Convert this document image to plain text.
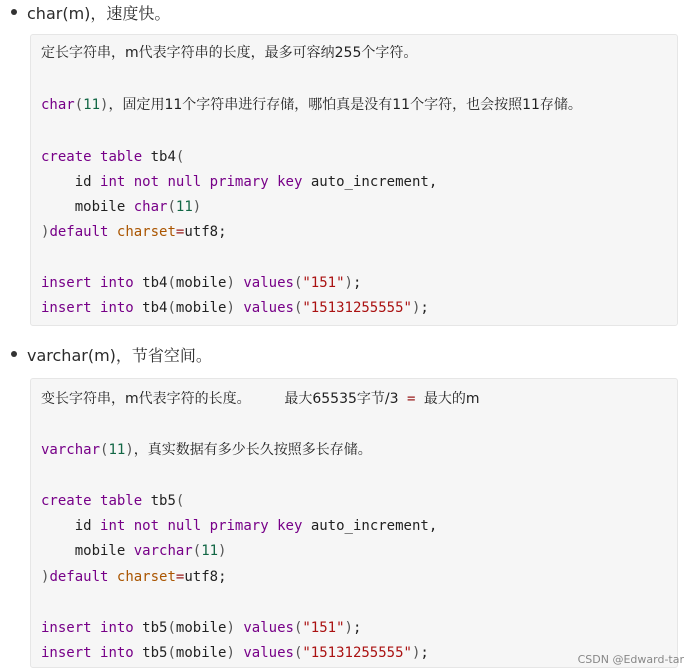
char(m)，速度快。
定长字符串，m代表字符串的长度，最多可容纳255个字符。
char(11)，固定用11个字符串进行存储，哪怕真是没有11个字符，也会按照11存储。
create table tb4(
id int not null primary key auto_increment,
mobile char(11)
)default charset=utf8;
insert into tb4(mobile) values("151");
insert into tb4(mobile) values("15131255555");
varchar(m)，节省空间。
变长字符串，m代表字符的长度。 最大65535字节/3 = 最大的m
varchar(11)，真实数据有多少长久按照多长存储。
create table tb5(
id int not null primary key auto_increment,
mobile varchar(11)
)default charset=utf8;
insert into tb5(mobile) values("151");
insert into tb5(mobile) values("15131255555");	CSDN @Edward-tar
